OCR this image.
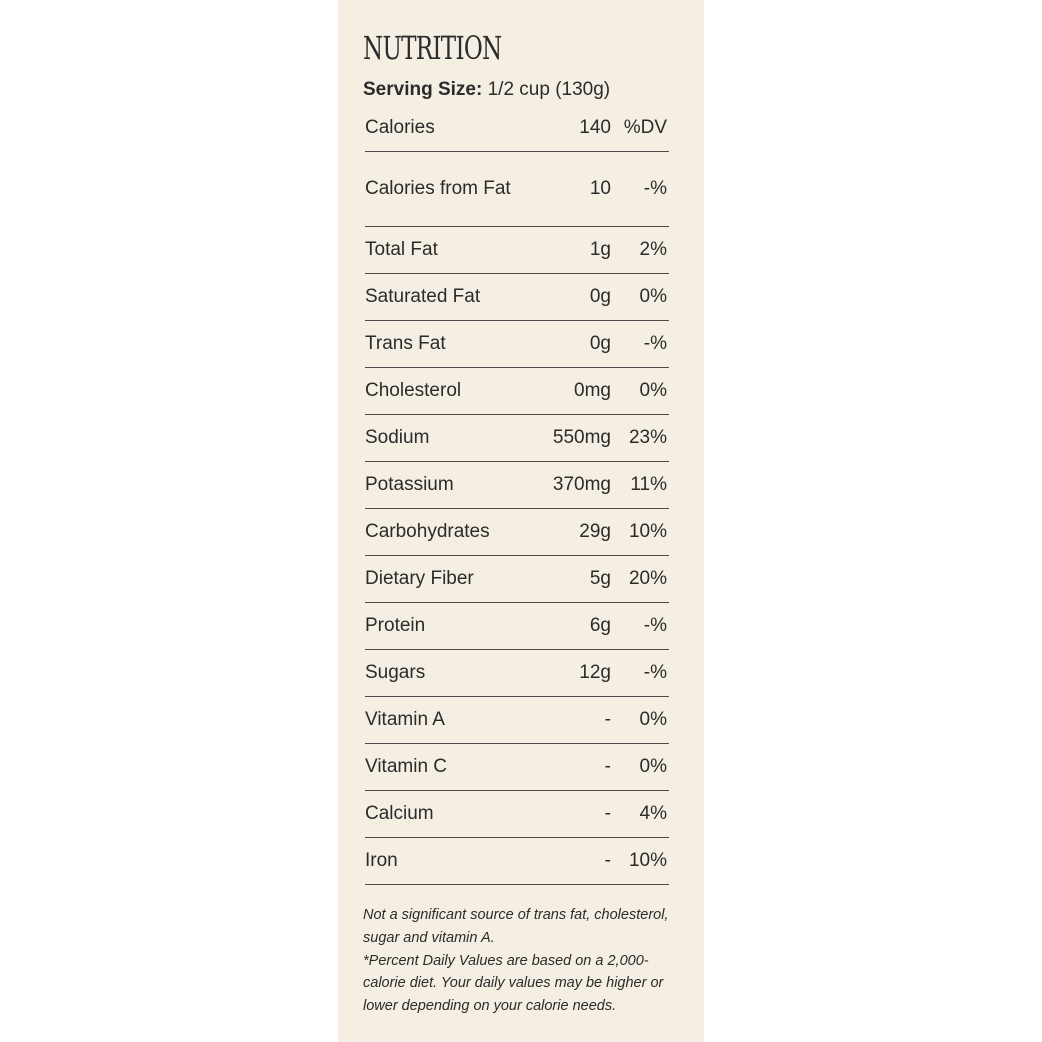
NUTRITION
Serving Size: 1/2 cup (130g)
Calories	140	%DV
Calories from Fat	10	-%
Total Fat	1g	2%
Saturated Fat	0g	0%
Trans Fat	0g	-%
Cholesterol	0mg	0%
Sodium	550mg	23%
Potassium	370mg	11%
Carbohydrates	29g	10%
Dietary Fiber	5g	20%
Protein	6g	-%
Sugars	12g	-%
Vitamin A	-	0%
Vitamin C	-	0%
Calcium	-	4%
Iron	-	10%

Not a significant source of trans fat, cholesterol, sugar and vitamin A.

*Percent Daily Values are based on a 2,000-calorie diet. Your daily values may be higher or lower depending on your calorie needs.
